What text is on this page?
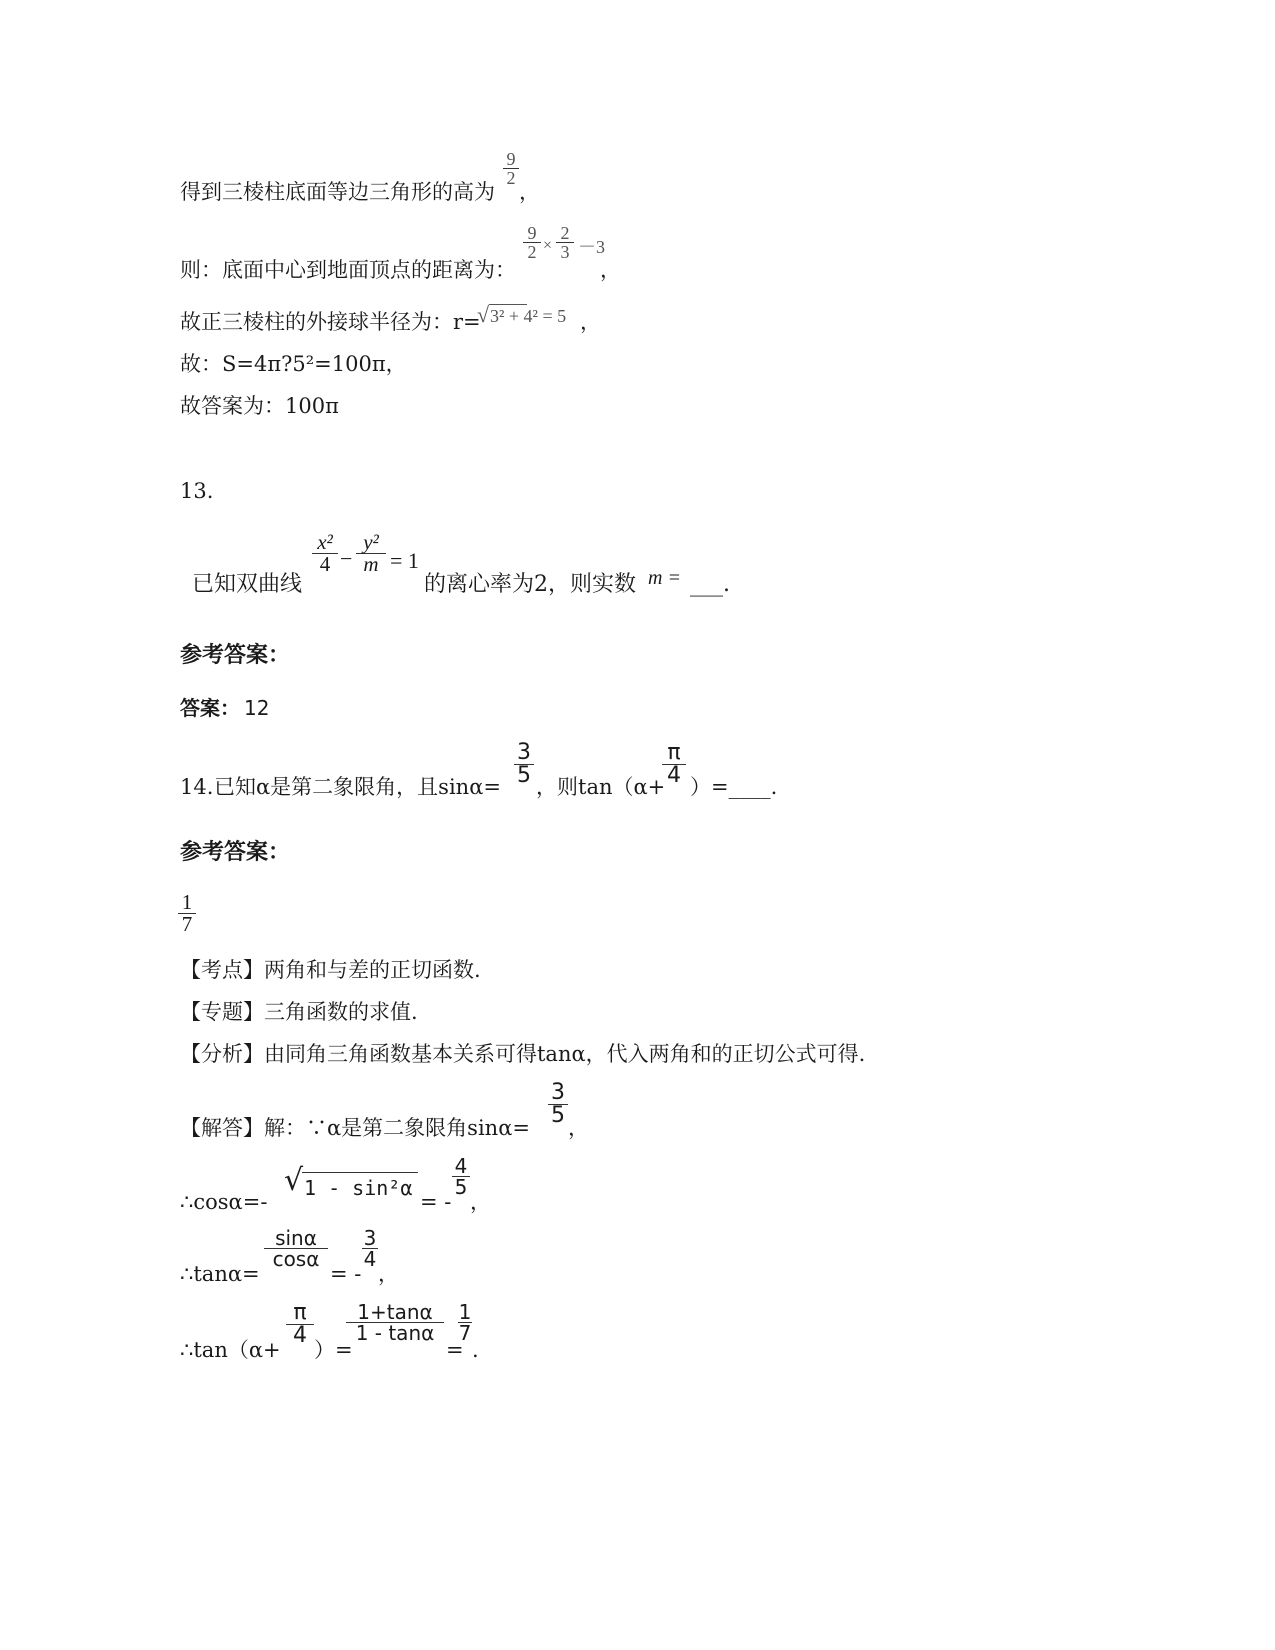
得到三棱柱底面等边三角形的高为
9
2
，
则：底面中心到地面顶点的距离为：
9
2 ×
2
3 －3
，
故正三棱柱的外接球半径为：r=
√ 3² + 4² = 5 ，
故：S=4π?5²=100π，
故答案为：100π
13.
已知双曲线
x²
4 −
y²
m = 1
的离心率为2，则实数 m = ___.
参考答案：
答案： 12
14. 已知α是第二象限角，且sinα=
3
5 ，则tan（α+
π
4 ）=____.
参考答案：
1
7
【考点】两角和与差的正切函数.
【专题】三角函数的求值.
【分析】由同角三角函数基本关系可得tanα，代入两角和的正切公式可得.
【解答】解：∵α是第二象限角sinα=
3
5 ，
∴cosα=-
√ 1 - sin²α
= -
4
5
，
∴tanα=
sinα
cosα
= -
3
4
，
∴tan（α+
π
4
）=
1+tanα
1 - tanα
=
1
7
.
